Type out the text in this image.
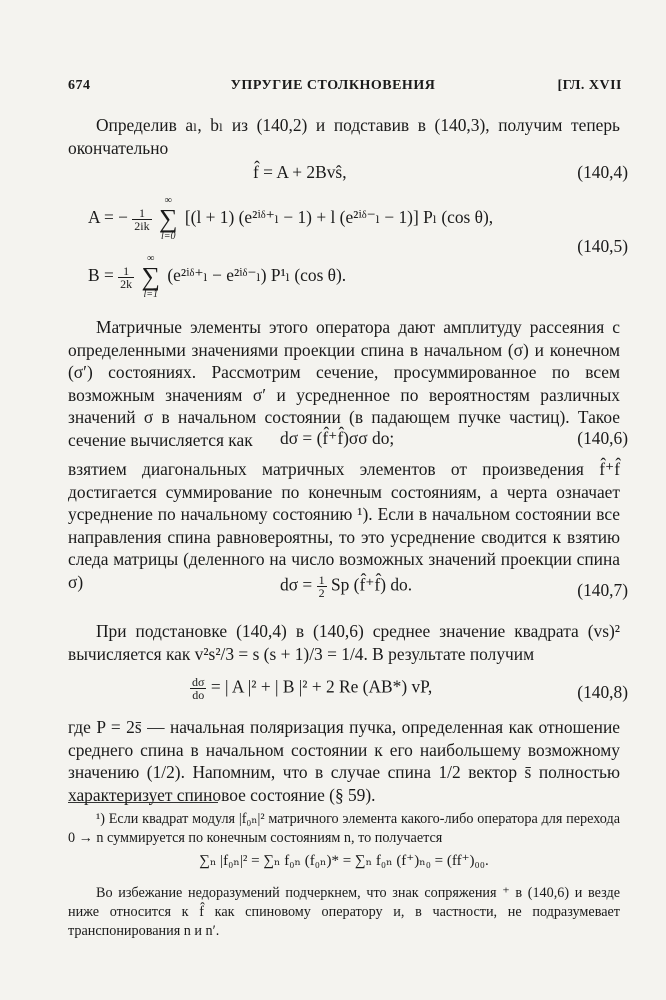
УПРУГИЕ СТОЛКНОВЕНИЯ
674	[ГЛ. XVII

Определив aₗ, bₗ из (140,2) и подставив в (140,3), получим теперь окончательно

f̂ = A + 2Bvŝ,	(140,4)
A = − $\frac{1}{2ik}$

∞
∑
l=0
[(l + 1) (e²ⁱᵟ⁺ₗ − 1) + l (e²ⁱᵟ⁻ₗ − 1)] Pₗ (cos θ),
(140,5)
$B = \frac{1}{2k}$

∞
∑
l=1
(e²ⁱᵟ⁺ₗ − e²ⁱᵟ⁻ₗ) P¹ₗ (cos θ).

Матричные элементы этого оператора дают амплитуду рассеяния с определенными значениями проекции спина в начальном (σ) и конечном (σ′) состояниях. Рассмотрим сечение, просуммированное по всем возможным значениям σ′ и усредненное по вероятностям различных значений σ в начальном состоянии (в падающем пучке частиц). Такое сечение вычисляется как	dσ = (f̂⁺f̂)σσ do;	(140,6)

взятием диагональных матричных элементов от произведения f̂⁺f̂ достигается суммирование по конечным состояниям, а черта означает усреднение по начальному состоянию ¹). Если в начальном состоянии все направления спина равновероятны, то это усреднение сводится к взятию следа матрицы (деленного на число возможных значений проекции спина σ)	$d\sigma = \frac{1}{2}$ Sp (f̂⁺f̂) do.	(140,7)

При подстановке (140,4) в (140,6) среднее значение квадрата (vs)² вычисляется как v²s²/3 = s (s + 1)/3 = 1/4. В результате получим

$\frac{d\sigma}{do}$ = | A |² + | B |² + 2 Re (AB*) vP,	(140,8)

где P = 2s̄ — начальная поляризация пучка, определенная как отношение среднего спина в начальном состоянии к его наибольшему возможному значению (1/2). Напомним, что в случае спина 1/2 вектор s̄ полностью характеризует спиновое состояние (§ 59).

¹) Если квадрат модуля |f₀ₙ|² матричного элемента какого-либо оператора для перехода 0 → n суммируется по конечным состояниям n, то получается

∑ₙ |f₀ₙ|² = ∑ₙ f₀ₙ (f₀ₙ)* = ∑ₙ f₀ₙ (f⁺)ₙ₀ = (ff⁺)₀₀.

Во избежание недоразумений подчеркнем, что знак сопряжения ⁺ в (140,6) и везде ниже относится к f̂ как спиновому оператору и, в частности, не подразумевает транспонирования n и n′.
